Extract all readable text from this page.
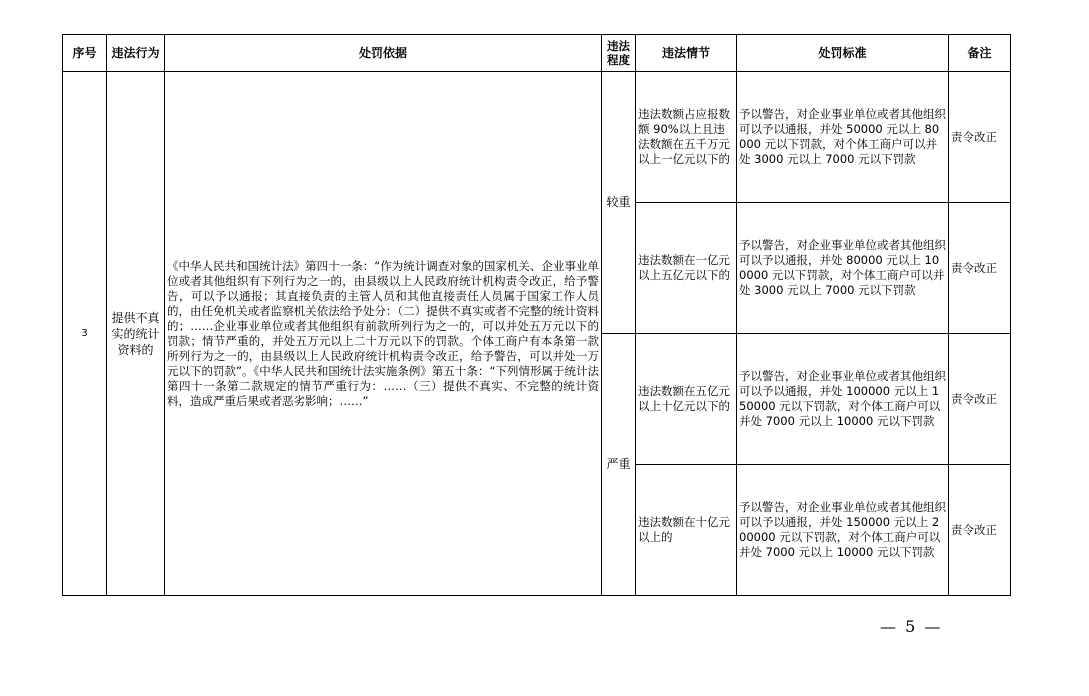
序号	违法行为	处罚依据	违法程度	违法情节	处罚标准	备注
3	提供不真实的统计资料的	《中华人民共和国统计法》第四十一条：“作为统计调查对象的国家机关、企业事业单位或者其他组织有下列行为之一的，由县级以上人民政府统计机构责令改正，给予警告，可以予以通报；其直接负责的主管人员和其他直接责任人员属于国家工作人员的，由任免机关或者监察机关依法给予处分：（二）提供不真实或者不完整的统计资料的；……企业事业单位或者其他组织有前款所列行为之一的，可以并处五万元以下的罚款；情节严重的，并处五万元以上二十万元以下的罚款。个体工商户有本条第一款所列行为之一的，由县级以上人民政府统计机构责令改正，给予警告，可以并处一万元以下的罚款”。《中华人民共和国统计法实施条例》第五十条：“下列情形属于统计法第四十一条第二款规定的情节严重行为：……（三）提供不真实、不完整的统计资料，造成严重后果或者恶劣影响；……”	较重	违法数额占应报数额 90%以上且违法数额在五千万元以上一亿元以下的	予以警告，对企业事业单位或者其他组织可以予以通报，并处 50000 元以上 80000 元以下罚款，对个体工商户可以并处 3000 元以上 7000 元以下罚款	责令改正
				违法数额在一亿元以上五亿元以下的	予以警告，对企业事业单位或者其他组织可以予以通报，并处 80000 元以上 100000 元以下罚款，对个体工商户可以并处 3000 元以上 7000 元以下罚款	责令改正
			严重	违法数额在五亿元以上十亿元以下的	予以警告，对企业事业单位或者其他组织可以予以通报，并处 100000 元以上 150000 元以下罚款，对个体工商户可以并处 7000 元以上 10000 元以下罚款	责令改正
				违法数额在十亿元以上的	予以警告，对企业事业单位或者其他组织可以予以通报，并处 150000 元以上 200000 元以下罚款，对个体工商户可以并处 7000 元以上 10000 元以下罚款	责令改正
— 5 —
